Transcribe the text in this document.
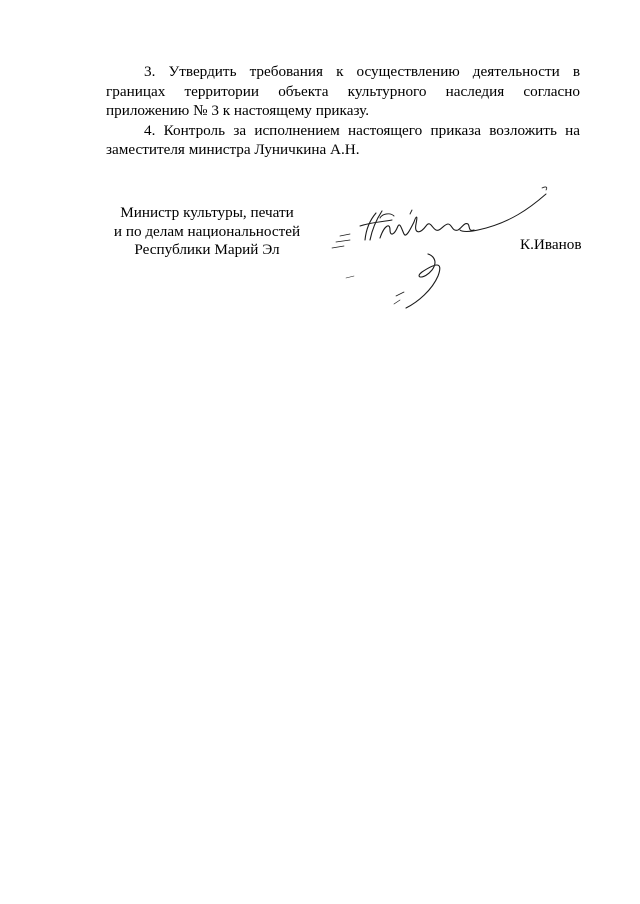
3. Утвердить требования к осуществлению деятельности в границах территории объекта культурного наследия согласно приложению № 3 к настоящему приказу.

4. Контроль за исполнением настоящего приказа возложить на заместителя министра Луничкина А.Н.

Министр культуры, печати
и по делам национальностей
Республики Марий Эл	К.Иванов
